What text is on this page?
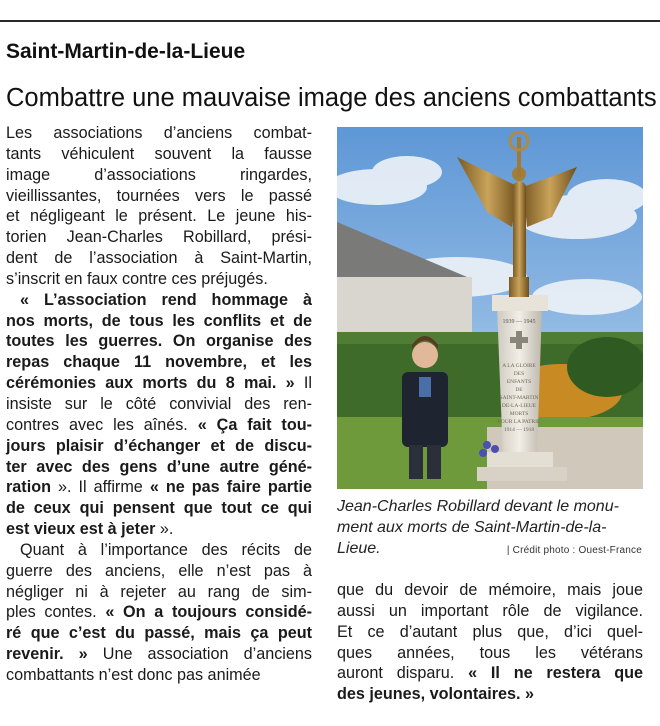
Saint-Martin-de-la-Lieue
Combattre une mauvaise image des anciens combattants
Les associations d’anciens combat-
tants véhiculent souvent la fausse
image d’associations ringardes,
vieillissantes, tournées vers le passé
et négligeant le présent. Le jeune his-
torien Jean-Charles Robillard, prési-
dent de l’association à Saint-Martin,
s’inscrit en faux contre ces préjugés.
« L’association rend hommage à
nos morts, de tous les conflits et de
toutes les guerres. On organise des
repas chaque 11 novembre, et les
cérémonies aux morts du 8 mai. » Il
insiste sur le côté convivial des ren-
contres avec les aînés. « Ça fait tou-
jours plaisir d’échanger et de discu-
ter avec des gens d’une autre géné-
ration ». Il affirme « ne pas faire partie
de ceux qui pensent que tout ce qui
est vieux est à jeter ».
Quant à l’importance des récits de
guerre des anciens, elle n’est pas à
négliger ni à rejeter au rang de sim-
ples contes. « On a toujours considé-
ré que c’est du passé, mais ça peut
revenir. » Une association d’anciens
combattants n’est donc pas animée
A LA GLOIRE
DES
ENFANTS
DE
SAINT-MARTIN
DE-LA-LIEUE
MORTS
POUR LA PATRIE
1914 — 1918
1939 — 1945
Jean-Charles Robillard devant le monu-
ment aux morts de Saint-Martin-de-la-
Lieue.	| Crédit photo : Ouest-France
que du devoir de mémoire, mais joue
aussi un important rôle de vigilance.
Et ce d’autant plus que, d’ici quel-
ques années, tous les vétérans
auront disparu. « Il ne restera que
des jeunes, volontaires. »
